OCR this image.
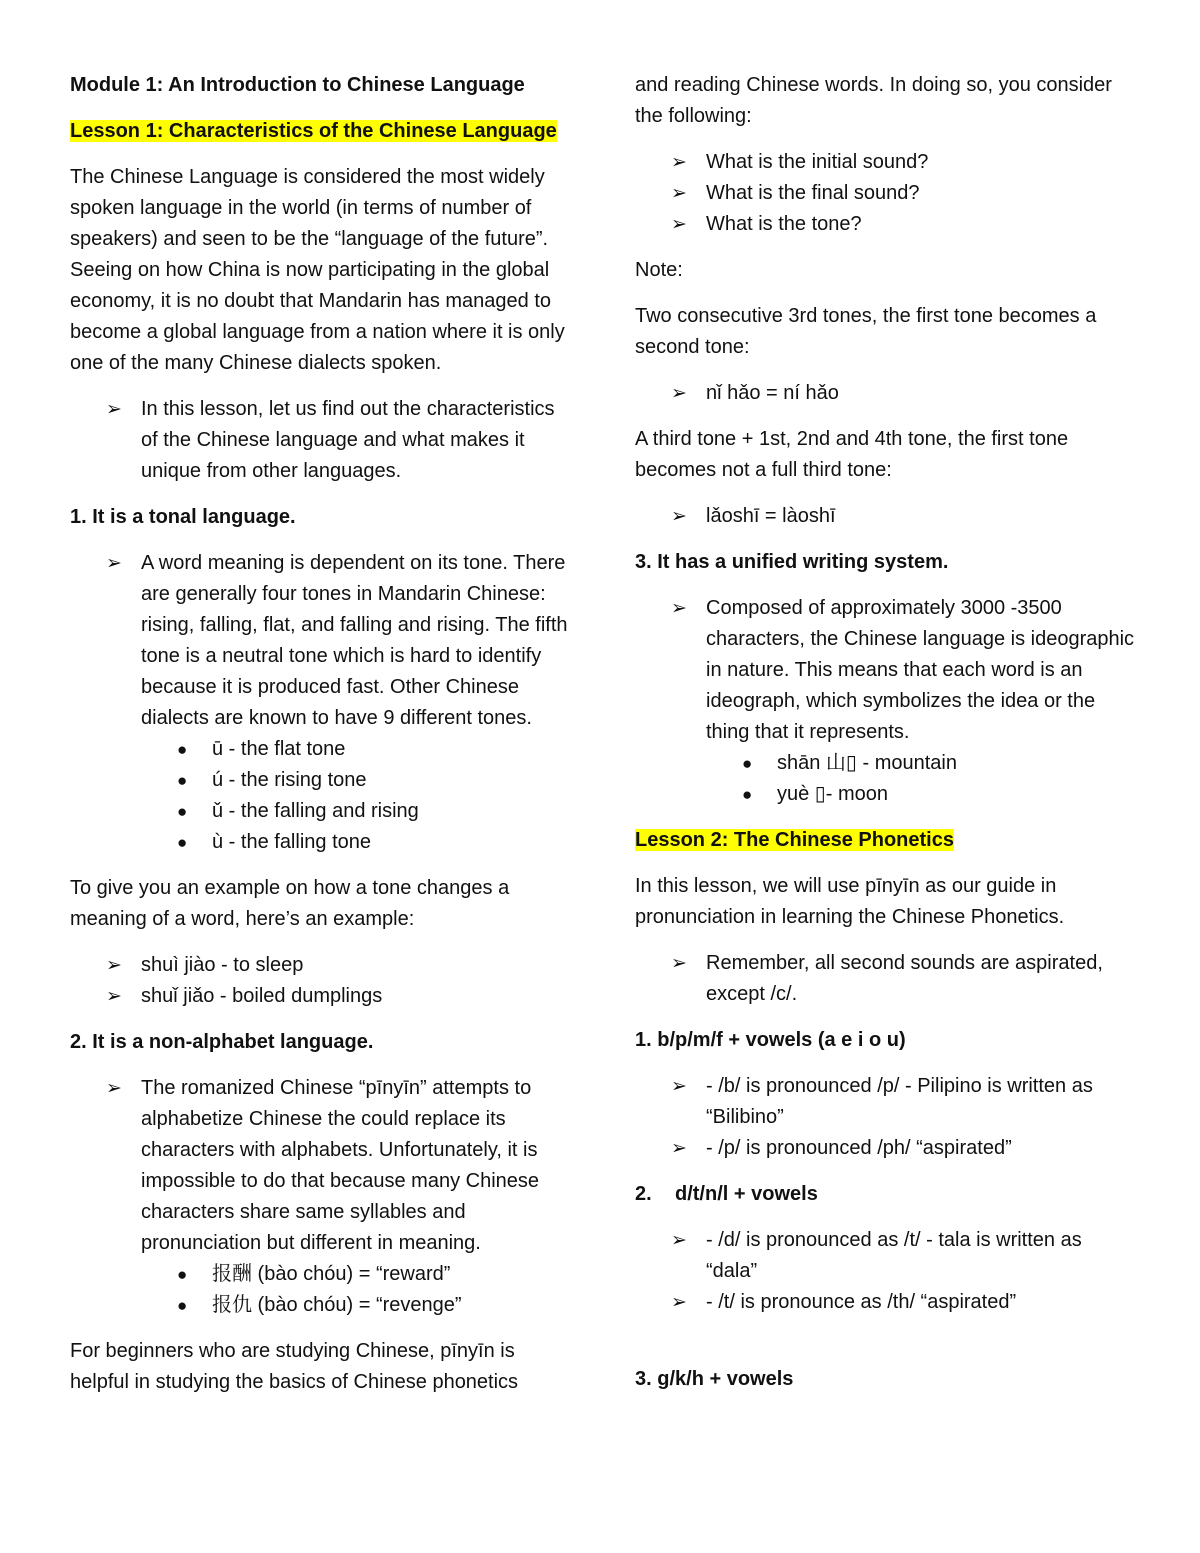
Module 1: An Introduction to Chinese Language

Lesson 1: Characteristics of the Chinese Language

The Chinese Language is considered the most widely spoken language in the world (in terms of number of speakers) and seen to be the “language of the future”. Seeing on how China is now participating in the global economy, it is no doubt that Mandarin has managed to become a global language from a nation where it is only one of the many Chinese dialects spoken.

➢ In this lesson, let us find out the characteristics of the Chinese language and what makes it unique from other languages.

1. It is a tonal language.

➢ A word meaning is dependent on its tone. There are generally four tones in Mandarin Chinese: rising, falling, flat, and falling and rising. The fifth tone is a neutral tone which is hard to identify because it is produced fast. Other Chinese dialects are known to have 9 different tones.
● ū - the flat tone
● ú - the rising tone
● ǔ - the falling and rising
● ù - the falling tone

To give you an example on how a tone changes a meaning of a word, here’s an example:

➢ shuì jiào - to sleep
➢ shuǐ jiǎo - boiled dumplings

2. It is a non-alphabet language.

➢ The romanized Chinese “pīnyīn” attempts to alphabetize Chinese the could replace its characters with alphabets. Unfortunately, it is impossible to do that because many Chinese characters share same syllables and pronunciation but different in meaning.
● 报酬 (bào chóu) = “reward”
● 报仇 (bào chóu) = “revenge”

For beginners who are studying Chinese, pīnyīn is helpful in studying the basics of Chinese phonetics

and reading Chinese words. In doing so, you consider the following:

➢ What is the initial sound?
➢ What is the final sound?
➢ What is the tone?

Note:

Two consecutive 3rd tones, the first tone becomes a second tone:

➢ nǐ hǎo = ní hǎo

A third tone + 1st, 2nd and 4th tone, the first tone becomes not a full third tone:

➢ lǎoshī = làoshī

3. It has a unified writing system.

➢ Composed of approximately 3000 -3500 characters, the Chinese language is ideographic in nature. This means that each word is an ideograph, which symbolizes the idea or the thing that it represents.
● shān 山▯ - mountain
● yuè ▯- moon

Lesson 2: The Chinese Phonetics

In this lesson, we will use pīnyīn as our guide in pronunciation in learning the Chinese Phonetics.

➢ Remember, all second sounds are aspirated, except /c/.

1. b/p/m/f + vowels (a e i o u)

➢ - /b/ is pronounced /p/ - Pilipino is written as “Bilibino”
➢ - /p/ is pronounced /ph/ “aspirated”

2. d/t/n/l + vowels

➢ - /d/ is pronounced as /t/ - tala is written as “dala”
➢ - /t/ is pronounce as /th/ “aspirated”

3. g/k/h + vowels
